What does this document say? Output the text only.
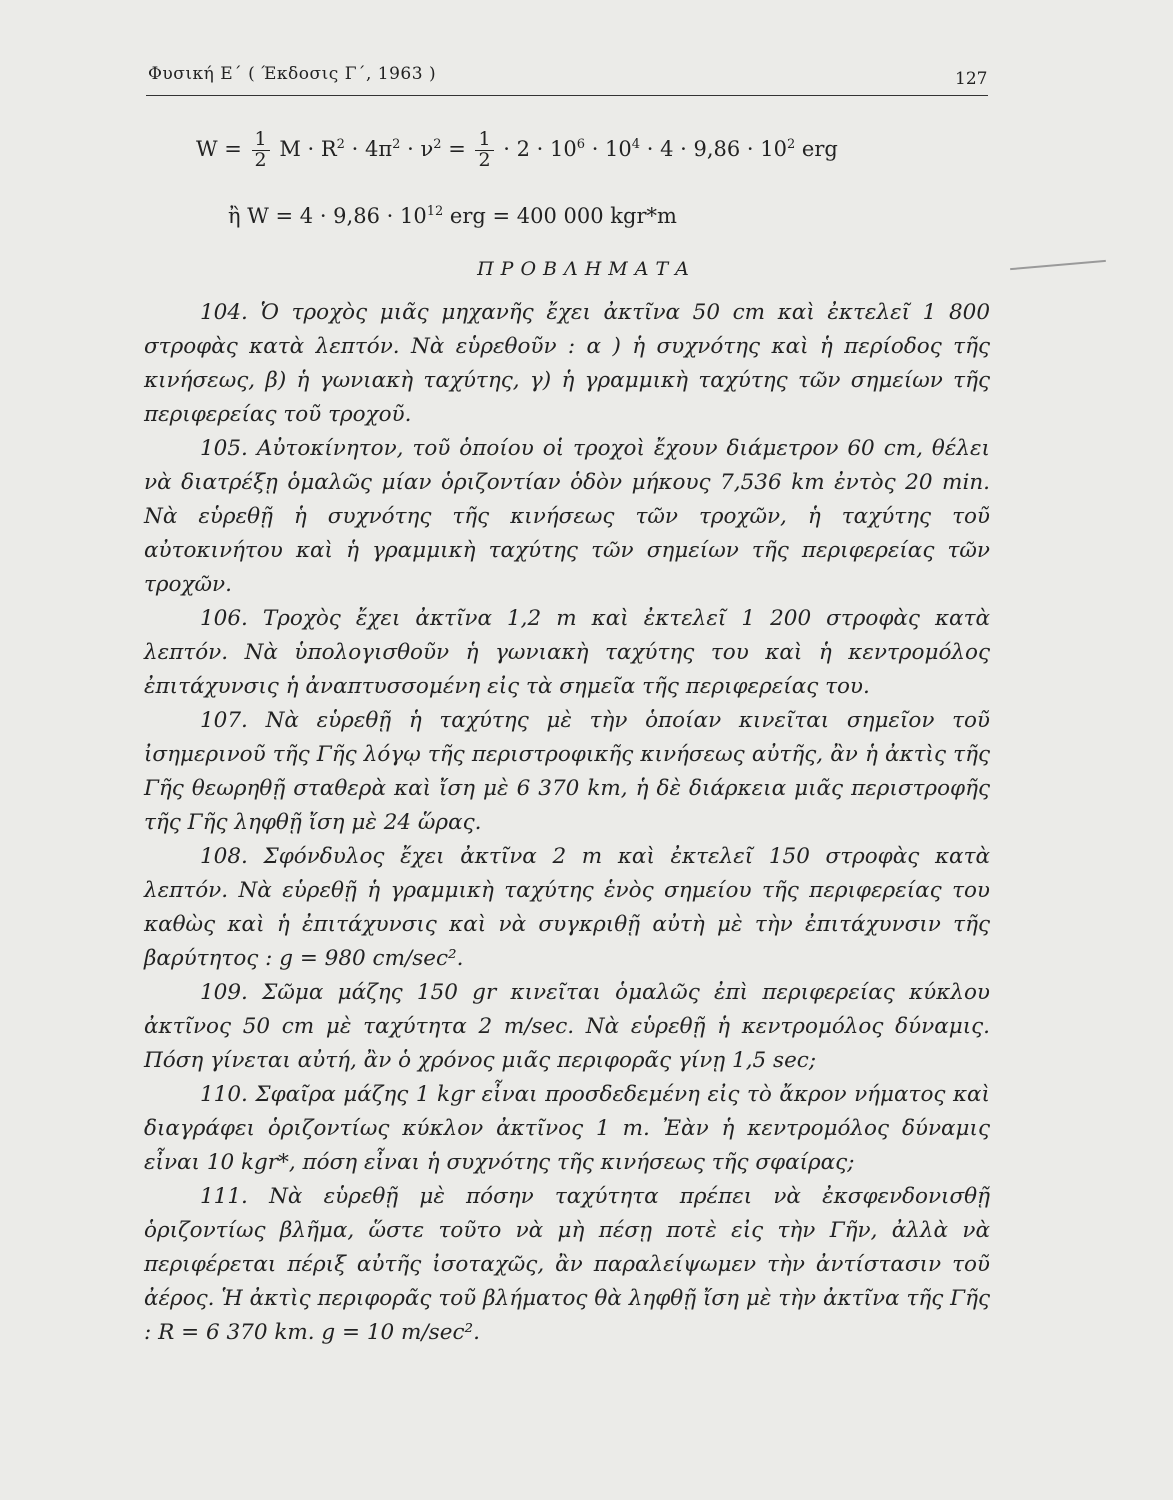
Φυσική Ε΄ ( Έκδοσις Γ΄, 1963 )	127
$W = \frac{1}{2}$ $M \cdot R^2 \cdot 4\pi^2 \cdot \nu^2 = \frac{1}{2} \cdot 2 \cdot 10^6 \cdot 10^4 \cdot 4 \cdot 9,86 \cdot 10^2$ erg
ἢ $W = 4 \cdot 9,86 \cdot 10^{12}$ erg = 400 000 kgr*m
ΠΡΟΒΛΗΜΑΤΑ

104. Ὁ τροχὸς μιᾶς μηχανῆς ἔχει ἀκτῖνα 50 cm καὶ ἐκτελεῖ 1 800 στροφὰς κατὰ λεπτόν. Νὰ εὑρεθοῦν : α ) ἡ συχνότης καὶ ἡ περίοδος τῆς κινήσεως, β) ἡ γωνιακὴ ταχύτης, γ) ἡ γραμμικὴ ταχύτης τῶν σημείων τῆς περιφερείας τοῦ τροχοῦ.

105. Αὐτοκίνητον, τοῦ ὁποίου οἱ τροχοὶ ἔχουν διάμετρον 60 cm, θέλει νὰ διατρέξῃ ὁμαλῶς μίαν ὁριζοντίαν ὁδὸν μήκους 7,536 km ἐντὸς 20 min. Νὰ εὑρεθῇ ἡ συχνότης τῆς κινήσεως τῶν τροχῶν, ἡ ταχύτης τοῦ αὐτοκινήτου καὶ ἡ γραμμικὴ ταχύτης τῶν σημείων τῆς περιφερείας τῶν τροχῶν.

106. Τροχὸς ἔχει ἀκτῖνα 1,2 m καὶ ἐκτελεῖ 1 200 στροφὰς κατὰ λεπτόν. Νὰ ὑπολογισθοῦν ἡ γωνιακὴ ταχύτης του καὶ ἡ κεντρομόλος ἐπιτάχυνσις ἡ ἀναπτυσσομένη εἰς τὰ σημεῖα τῆς περιφερείας του.

107. Νὰ εὑρεθῇ ἡ ταχύτης μὲ τὴν ὁποίαν κινεῖται σημεῖον τοῦ ἰσημερινοῦ τῆς Γῆς λόγῳ τῆς περιστροφικῆς κινήσεως αὐτῆς, ἂν ἡ ἀκτὶς τῆς Γῆς θεωρηθῇ σταθερὰ καὶ ἴση μὲ 6 370 km, ἡ δὲ διάρκεια μιᾶς περιστροφῆς τῆς Γῆς ληφθῇ ἴση μὲ 24 ὥρας.

108. Σφόνδυλος ἔχει ἀκτῖνα 2 m καὶ ἐκτελεῖ 150 στροφὰς κατὰ λεπτόν. Νὰ εὑρεθῇ ἡ γραμμικὴ ταχύτης ἑνὸς σημείου τῆς περιφερείας του καθὼς καὶ ἡ ἐπιτάχυνσις καὶ νὰ συγκριθῇ αὐτὴ μὲ τὴν ἐπιτάχυνσιν τῆς βαρύτητος : g = 980 cm/sec².

109. Σῶμα μάζης 150 gr κινεῖται ὁμαλῶς ἐπὶ περιφερείας κύκλου ἀκτῖνος 50 cm μὲ ταχύτητα 2 m/sec. Νὰ εὑρεθῇ ἡ κεντρομόλος δύναμις. Πόση γίνεται αὐτή, ἂν ὁ χρόνος μιᾶς περιφορᾶς γίνῃ 1,5 sec;

110. Σφαῖρα μάζης 1 kgr εἶναι προσδεδεμένη εἰς τὸ ἄκρον νήματος καὶ διαγράφει ὁριζοντίως κύκλον ἀκτῖνος 1 m. Ἐὰν ἡ κεντρομόλος δύναμις εἶναι 10 kgr*, πόση εἶναι ἡ συχνότης τῆς κινήσεως τῆς σφαίρας;

111. Νὰ εὑρεθῇ μὲ πόσην ταχύτητα πρέπει νὰ ἐκσφενδονισθῇ ὁριζοντίως βλῆμα, ὥστε τοῦτο νὰ μὴ πέσῃ ποτὲ εἰς τὴν Γῆν, ἀλλὰ νὰ περιφέρεται πέριξ αὐτῆς ἰσοταχῶς, ἂν παραλείψωμεν τὴν ἀντίστασιν τοῦ ἀέρος. Ἡ ἀκτὶς περιφορᾶς τοῦ βλήματος θὰ ληφθῇ ἴση μὲ τὴν ἀκτῖνα τῆς Γῆς : R = 6 370 km. g = 10 m/sec².
